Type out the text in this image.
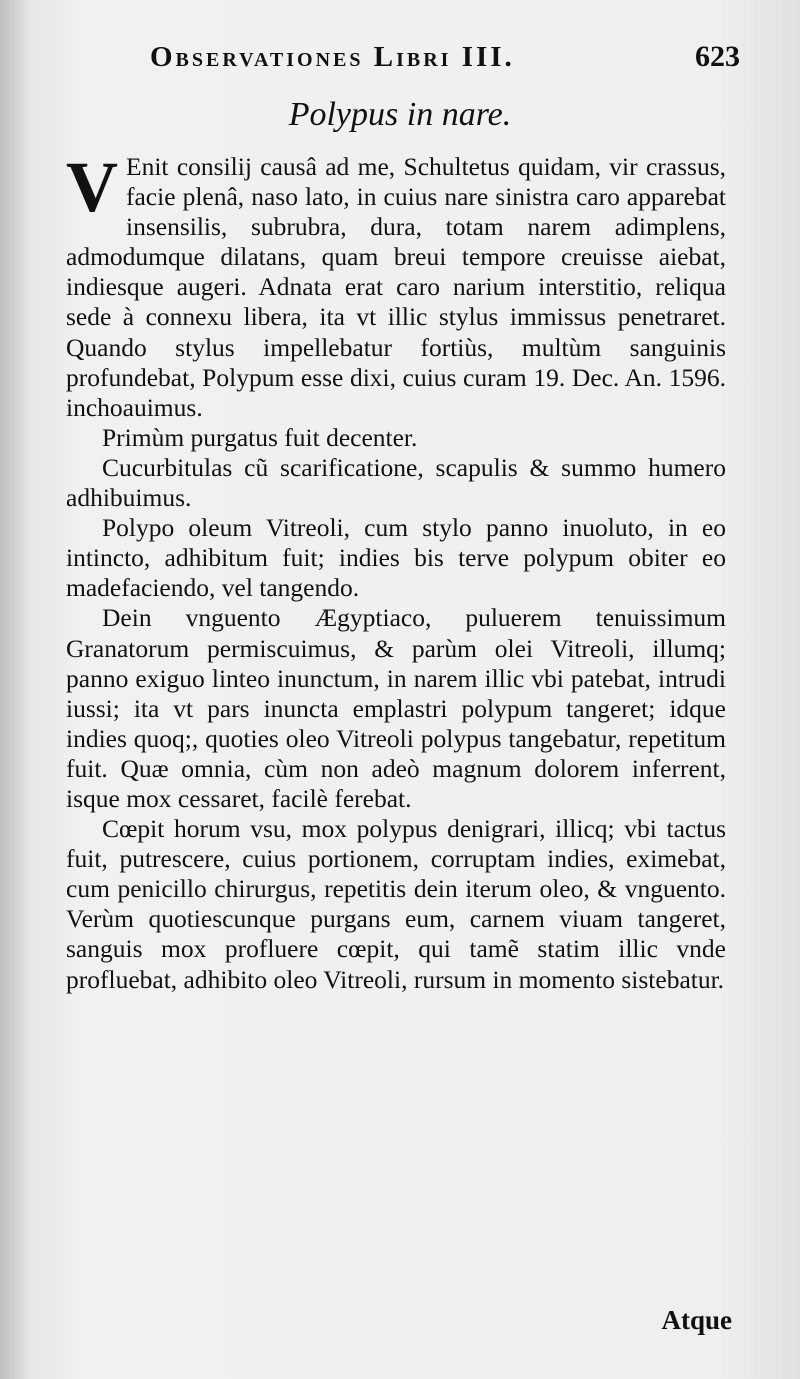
Observationes Libri III.	623
Polypus in nare.

V Enit consilij causâ ad me, Schultetus quidam, vir crassus, facie plenâ, naso lato, in cuius nare sinistra caro apparebat insensilis, subrubra, dura, totam narem adimplens, admodumque dilatans, quam breui tempore creuisse aiebat, indiesque augeri. Adnata erat caro narium interstitio, reliqua sede à connexu libera, ita vt illic stylus immissus penetraret. Quando stylus impellebatur fortiùs, multùm sanguinis profundebat, Polypum esse dixi, cuius curam 19. Dec. An. 1596. inchoauimus.

Primùm purgatus fuit decenter.

Cucurbitulas cũ scarificatione, scapulis & summo humero adhibuimus.

Polypo oleum Vitreoli, cum stylo panno inuoluto, in eo intincto, adhibitum fuit; indies bis terve polypum obiter eo madefaciendo, vel tangendo.

Dein vnguento Ægyptiaco, puluerem tenuissimum Granatorum permiscuimus, & parùm olei Vitreoli, illumq; panno exiguo linteo inunctum, in narem illic vbi patebat, intrudi iussi; ita vt pars inuncta emplastri polypum tangeret; idque indies quoq;, quoties oleo Vitreoli polypus tangebatur, repetitum fuit. Quæ omnia, cùm non adeò magnum dolorem inferrent, isque mox cessaret, facilè ferebat.

Cœpit horum vsu, mox polypus denigrari, illicq; vbi tactus fuit, putrescere, cuius portionem, corruptam indies, eximebat, cum penicillo chirurgus, repetitis dein iterum oleo, & vnguento. Verùm quotiescunque purgans eum, carnem viuam tangeret, sanguis mox profluere cœpit, qui tamẽ statim illic vnde profluebat, adhibito oleo Vitreoli, rursum in momento sistebatur.

Atque
